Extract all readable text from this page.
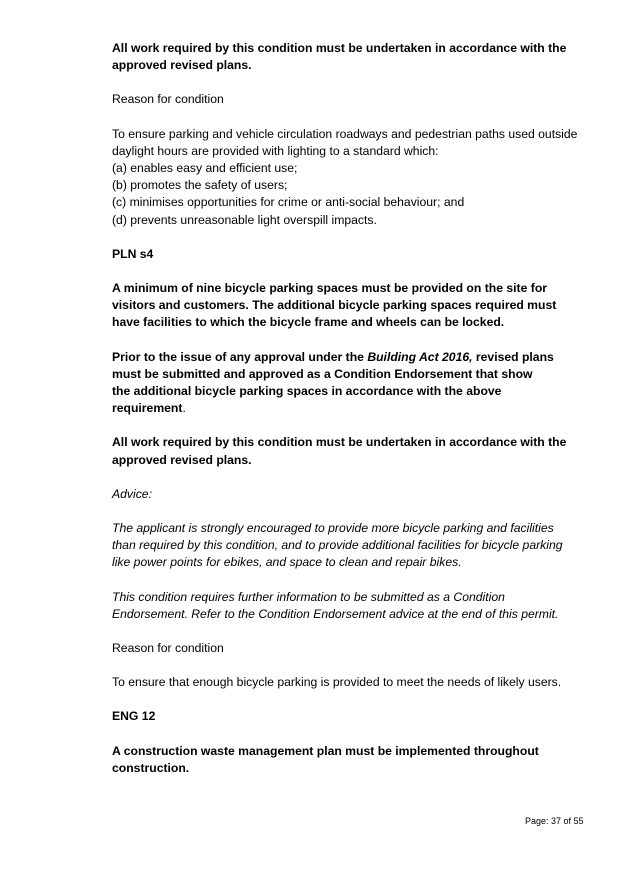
All work required by this condition must be undertaken in accordance with the
approved revised plans.

Reason for condition

To ensure parking and vehicle circulation roadways and pedestrian paths used outside
daylight hours are provided with lighting to a standard which:
(a) enables easy and efficient use;
(b) promotes the safety of users;
(c) minimises opportunities for crime or anti‑social behaviour; and
(d) prevents unreasonable light overspill impacts.

PLN s4

A minimum of nine bicycle parking spaces must be provided on the site for
visitors and customers. The additional bicycle parking spaces required must
have facilities to which the bicycle frame and wheels can be locked.
Prior to the issue of any approval under the Building Act 2016, revised plans
must be submitted and approved as a Condition Endorsement that show
the additional bicycle parking spaces in accordance with the above
requirement.
All work required by this condition must be undertaken in accordance with the
approved revised plans.

Advice:

The applicant is strongly encouraged to provide more bicycle parking and facilities
than required by this condition, and to provide additional facilities for bicycle parking
like power points for ebikes, and space to clean and repair bikes.
This condition requires further information to be submitted as a Condition
Endorsement. Refer to the Condition Endorsement advice at the end of this permit.

Reason for condition

To ensure that enough bicycle parking is provided to meet the needs of likely users.

ENG 12

A construction waste management plan must be implemented throughout
construction.
Page: 37 of 55
